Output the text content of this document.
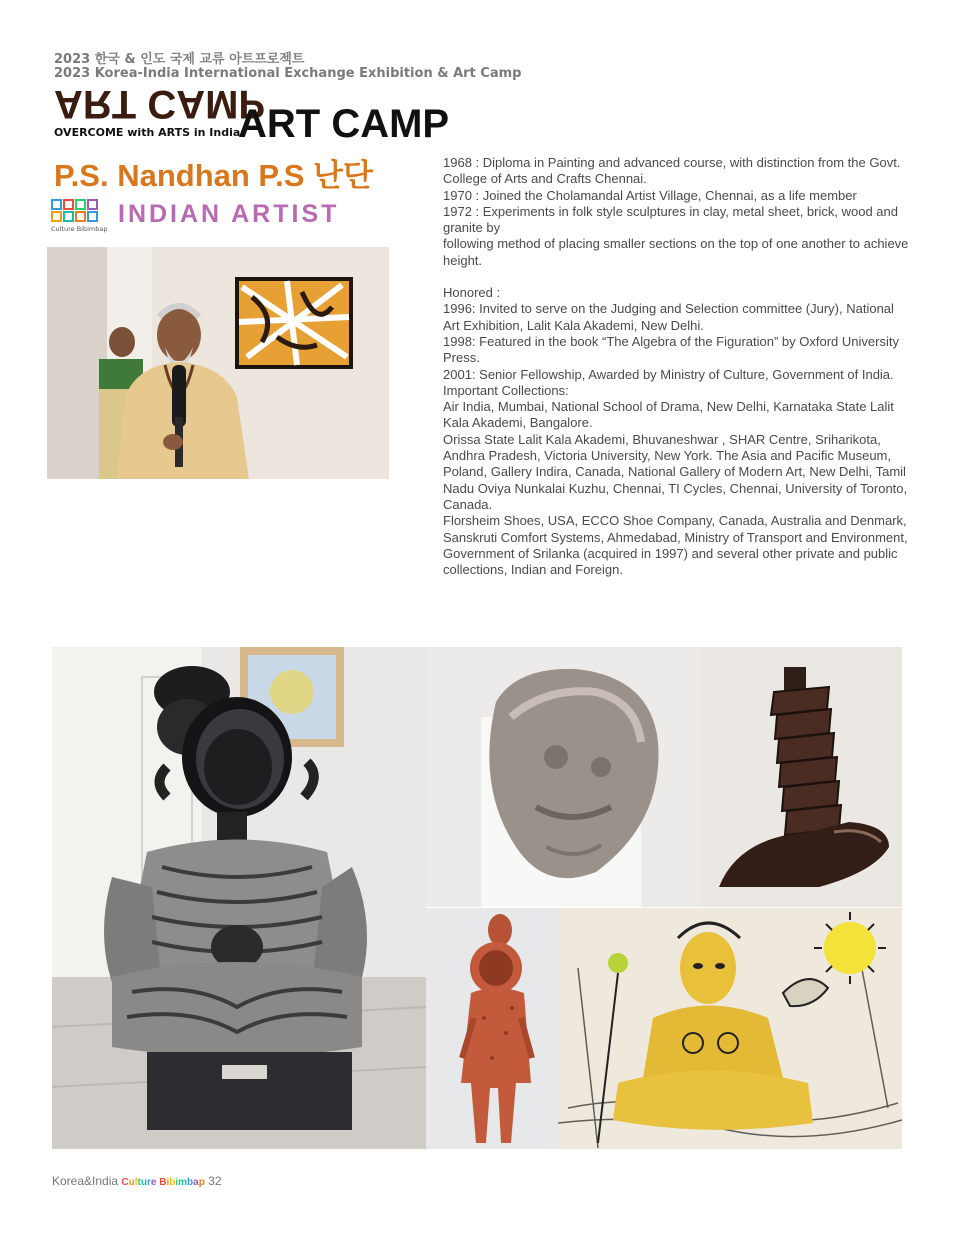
2023 한국 & 인도 국제 교류 아트프로젝트
2023 Korea-India International Exchange Exhibition & Art Camp
ART CAMP
OVERCOME with ARTS in India
ART CAMP
P.S. Nandhan P.S 난단
Culture Bibimbap
INDIAN ARTIST

1968 : Diploma in Painting and advanced course, with distinction from the Govt. College of Arts and Crafts Chennai.

1970 : Joined the Cholamandal Artist Village, Chennai, as a life member

1972 : Experiments in folk style sculptures in clay, metal sheet, brick, wood and granite by

following method of placing smaller sections on the top of one another to achieve height.

Honored :

1996: Invited to serve on the Judging and Selection committee (Jury), National Art Exhibition, Lalit Kala Akademi, New Delhi.

1998: Featured in the book “The Algebra of the Figuration” by Oxford University Press.

2001: Senior Fellowship, Awarded by Ministry of Culture, Government of India.

Important Collections:

Air India, Mumbai, National School of Drama, New Delhi, Karnataka State Lalit Kala Akademi, Bangalore.

Orissa State Lalit Kala Akademi, Bhuvaneshwar , SHAR Centre, Sriharikota, Andhra Pradesh, Victoria University, New York. The Asia and Pacific Museum, Poland, Gallery Indira, Canada, National Gallery of Modern Art, New Delhi, Tamil Nadu Oviya Nunkalai Kuzhu, Chennai, TI Cycles, Chennai, University of Toronto, Canada.

Florsheim Shoes, USA, ECCO Shoe Company, Canada, Australia and Denmark, Sanskruti Comfort Systems, Ahmedabad, Ministry of Transport and Environment, Government of Srilanka (acquired in 1997) and several other private and public collections, Indian and Foreign.

Korea&India Culture Bibimbap 32
